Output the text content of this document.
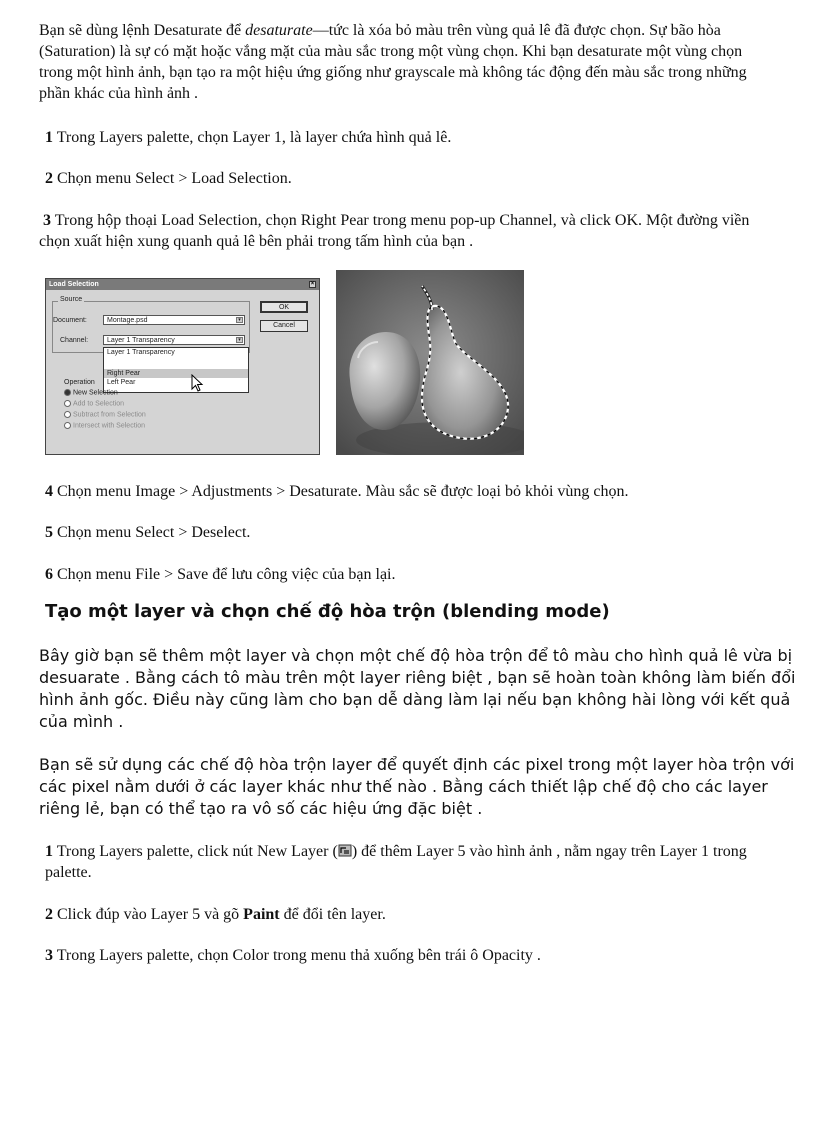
Bạn sẽ dùng lệnh Desaturate để desaturate—tức là xóa bỏ màu trên vùng quả lê đã được chọn. Sự bão hòa (Saturation) là sự có mặt hoặc vắng mặt của màu sắc trong một vùng chọn. Khi bạn desaturate một vùng chọn trong một hình ảnh, bạn tạo ra một hiệu ứng giống như grayscale mà không tác động đến màu sắc trong những phần khác của hình ảnh .

1 Trong Layers palette, chọn Layer 1, là layer chứa hình quả lê.

2 Chọn menu Select > Load Selection.

3 Trong hộp thoại Load Selection, chọn Right Pear trong menu pop-up Channel, và click OK. Một đường viền chọn xuất hiện xung quanh quả lê bên phải trong tấm hình của bạn .

Load Selection	×
Source
Document:	Montage.psd	▾
Channel:	Layer 1 Transparency	▾
Layer 1 Transparency
Right Pear
Left Pear
Operation
New Selection
Add to Selection
Subtract from Selection
Intersect with Selection
OK
Cancel

4 Chọn menu Image > Adjustments > Desaturate. Màu sắc sẽ được loại bỏ khỏi vùng chọn.

5 Chọn menu Select > Deselect.

6 Chọn menu File > Save để lưu công việc của bạn lại.

Tạo một layer và chọn chế độ hòa trộn (blending mode)

Bây giờ bạn sẽ thêm một layer và chọn một chế độ hòa trộn để tô màu cho hình quả lê vừa bị desuarate . Bằng cách tô màu trên một layer riêng biệt , bạn sẽ hoàn toàn không làm biến đổi hình ảnh gốc. Điều này cũng làm cho bạn dễ dàng làm lại nếu bạn không hài lòng với kết quả của mình .

Bạn sẽ sử dụng các chế độ hòa trộn layer để quyết định các pixel trong một layer hòa trộn với các pixel nằm dưới ở các layer khác như thế nào . Bằng cách thiết lập chế độ cho các layer riêng lẻ, bạn có thể tạo ra vô số các hiệu ứng đặc biệt .

1 Trong Layers palette, click nút New Layer ( ) để thêm Layer 5 vào hình ảnh , nằm ngay trên Layer 1 trong palette.

2 Click đúp vào Layer 5 và gõ Paint để đổi tên layer.

3 Trong Layers palette, chọn Color trong menu thả xuống bên trái ô Opacity .
